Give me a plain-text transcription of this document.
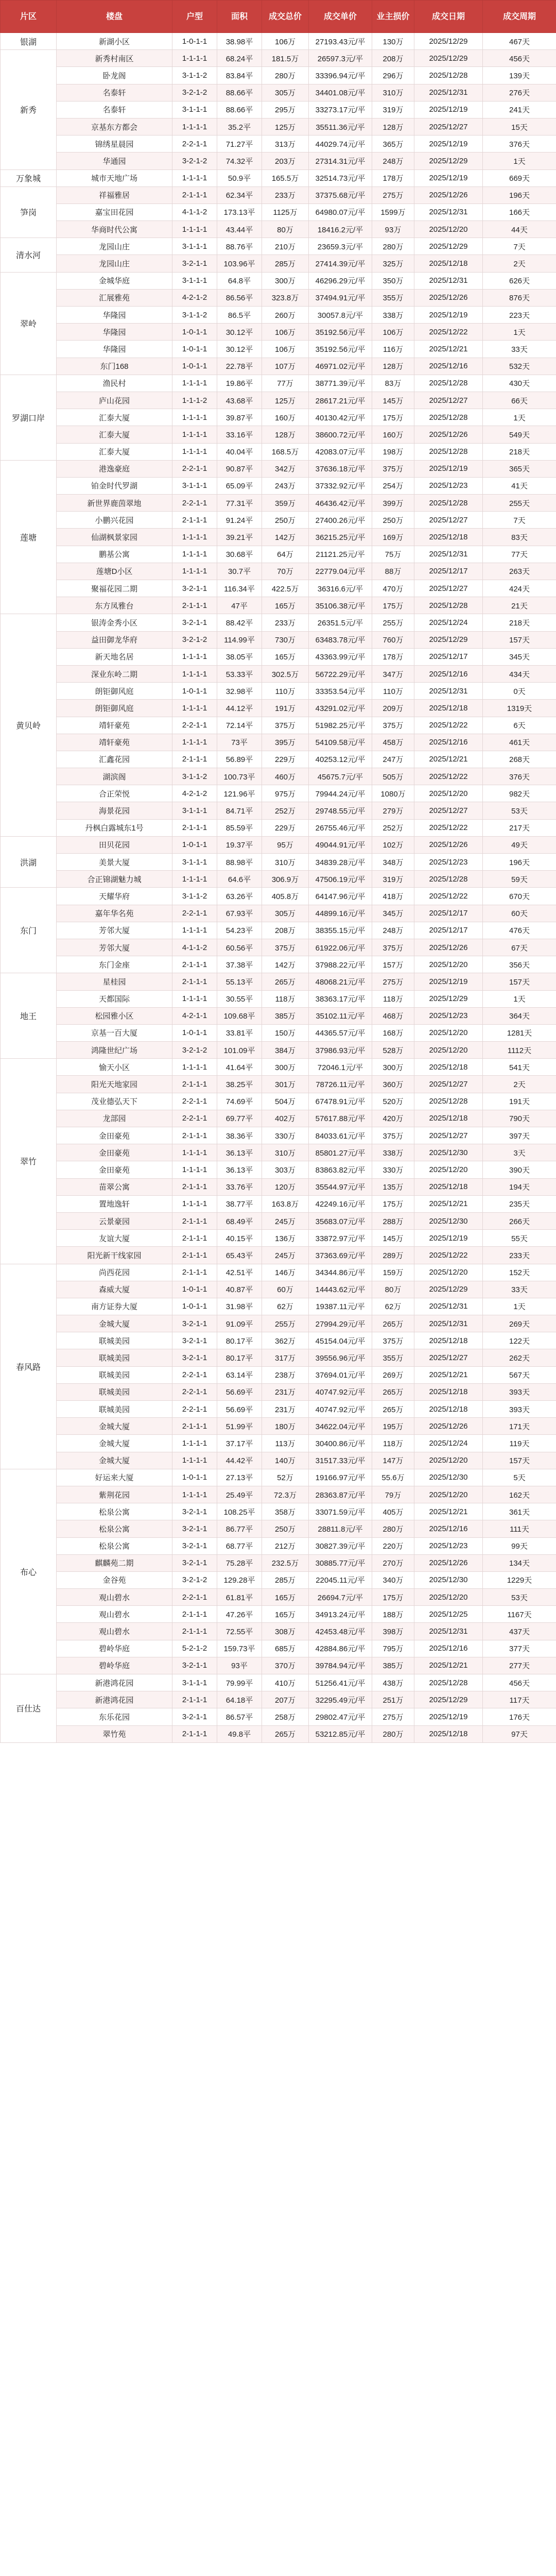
片区	楼盘	户型	面积	成交总价	成交单价	业主损价	成交日期	成交周期
银湖	新湖小区	1-0-1-1	38.98平	106万	27193.43元/平	130万	2025/12/29	467天
新秀	新秀村南区	1-1-1-1	68.24平	181.5万	26597.3元/平	208万	2025/12/29	456天
	卧龙阁	3-1-1-2	83.84平	280万	33396.94元/平	296万	2025/12/28	139天
	名泰轩	3-2-1-2	88.66平	305万	34401.08元/平	310万	2025/12/31	276天
	名泰轩	3-1-1-1	88.66平	295万	33273.17元/平	319万	2025/12/19	241天
	京基东方都会	1-1-1-1	35.2平	125万	35511.36元/平	128万	2025/12/27	15天
	锦绣星晨园	2-2-1-1	71.27平	313万	44029.74元/平	365万	2025/12/19	376天
	华通园	3-2-1-2	74.32平	203万	27314.31元/平	248万	2025/12/29	1天
万象城	城市天地广场	1-1-1-1	50.9平	165.5万	32514.73元/平	178万	2025/12/19	669天
笋岗	祥福雅居	2-1-1-1	62.34平	233万	37375.68元/平	275万	2025/12/26	196天
	嘉宝田花园	4-1-1-2	173.13平	1125万	64980.07元/平	1599万	2025/12/31	166天
	华商时代公寓	1-1-1-1	43.44平	80万	18416.2元/平	93万	2025/12/20	44天
清水河	龙园山庄	3-1-1-1	88.76平	210万	23659.3元/平	280万	2025/12/29	7天
	龙园山庄	3-2-1-1	103.96平	285万	27414.39元/平	325万	2025/12/18	2天
翠岭	金城华庭	3-1-1-1	64.8平	300万	46296.29元/平	350万	2025/12/31	626天
	汇展雅苑	4-2-1-2	86.56平	323.8万	37494.91元/平	355万	2025/12/26	876天
	华隆园	3-1-1-2	86.5平	260万	30057.8元/平	338万	2025/12/19	223天
	华隆园	1-0-1-1	30.12平	106万	35192.56元/平	106万	2025/12/22	1天
	华隆园	1-0-1-1	30.12平	106万	35192.56元/平	116万	2025/12/21	33天
	东门168	1-0-1-1	22.78平	107万	46971.02元/平	128万	2025/12/16	532天
罗湖口岸	渔民村	1-1-1-1	19.86平	77万	38771.39元/平	83万	2025/12/28	430天
	庐山花园	1-1-1-2	43.68平	125万	28617.21元/平	145万	2025/12/27	66天
	汇泰大厦	1-1-1-1	39.87平	160万	40130.42元/平	175万	2025/12/28	1天
	汇泰大厦	1-1-1-1	33.16平	128万	38600.72元/平	160万	2025/12/26	549天
	汇泰大厦	1-1-1-1	40.04平	168.5万	42083.07元/平	198万	2025/12/28	218天
莲塘	港逸豪庭	2-2-1-1	90.87平	342万	37636.18元/平	375万	2025/12/19	365天
	铂金时代罗湖	3-1-1-1	65.09平	243万	37332.92元/平	254万	2025/12/23	41天
	新世界鹿茵翠地	2-2-1-1	77.31平	359万	46436.42元/平	399万	2025/12/28	255天
	小鹏兴花园	2-1-1-1	91.24平	250万	27400.26元/平	250万	2025/12/27	7天
	仙湖枫景家园	1-1-1-1	39.21平	142万	36215.25元/平	169万	2025/12/18	83天
	鹏基公寓	1-1-1-1	30.68平	64万	21121.25元/平	75万	2025/12/31	77天
	莲塘D小区	1-1-1-1	30.7平	70万	22779.04元/平	88万	2025/12/17	263天
	聚福花园二期	3-2-1-1	116.34平	422.5万	36316.6元/平	470万	2025/12/27	424天
	东方凤雅台	2-1-1-1	47平	165万	35106.38元/平	175万	2025/12/28	21天
黄贝岭	银涛金秀小区	3-2-1-1	88.42平	233万	26351.5元/平	255万	2025/12/24	218天
	益田御龙华府	3-2-1-2	114.99平	730万	63483.78元/平	760万	2025/12/29	157天
	新天地名居	1-1-1-1	38.05平	165万	43363.99元/平	178万	2025/12/17	345天
	深业东岭二期	1-1-1-1	53.33平	302.5万	56722.29元/平	347万	2025/12/16	434天
	朗钜御风庭	1-0-1-1	32.98平	110万	33353.54元/平	110万	2025/12/31	0天
	朗钜御风庭	1-1-1-1	44.12平	191万	43291.02元/平	209万	2025/12/18	1319天
	靖轩豪苑	2-2-1-1	72.14平	375万	51982.25元/平	375万	2025/12/22	6天
	靖轩豪苑	1-1-1-1	73平	395万	54109.58元/平	458万	2025/12/16	461天
	汇鑫花园	2-1-1-1	56.89平	229万	40253.12元/平	247万	2025/12/21	268天
	湖滨阁	3-1-1-2	100.73平	460万	45675.7元/平	505万	2025/12/22	376天
	合正荣悦	4-2-1-2	121.96平	975万	79944.24元/平	1080万	2025/12/20	982天
	海景花园	3-1-1-1	84.71平	252万	29748.55元/平	279万	2025/12/27	53天
	丹枫白露城东1号	2-1-1-1	85.59平	229万	26755.46元/平	252万	2025/12/22	217天
洪湖	田贝花园	1-0-1-1	19.37平	95万	49044.91元/平	102万	2025/12/26	49天
	美景大厦	3-1-1-1	88.98平	310万	34839.28元/平	348万	2025/12/23	196天
	合正锦湖魅力城	1-1-1-1	64.6平	306.9万	47506.19元/平	319万	2025/12/28	59天
东门	天耀华府	3-1-1-2	63.26平	405.8万	64147.96元/平	418万	2025/12/22	670天
	嘉年华名苑	2-2-1-1	67.93平	305万	44899.16元/平	345万	2025/12/17	60天
	芳邻大厦	1-1-1-1	54.23平	208万	38355.15元/平	248万	2025/12/17	476天
	芳邻大厦	4-1-1-2	60.56平	375万	61922.06元/平	375万	2025/12/26	67天
	东门金座	2-1-1-1	37.38平	142万	37988.22元/平	157万	2025/12/20	356天
地王	星桂园	2-1-1-1	55.13平	265万	48068.21元/平	275万	2025/12/19	157天
	天都国际	1-1-1-1	30.55平	118万	38363.17元/平	118万	2025/12/29	1天
	松园雅小区	4-2-1-1	109.68平	385万	35102.11元/平	468万	2025/12/23	364天
	京基一百大厦	1-0-1-1	33.81平	150万	44365.57元/平	168万	2025/12/20	1281天
	鸿隆世纪广场	3-2-1-2	101.09平	384万	37986.93元/平	528万	2025/12/20	1112天
翠竹	愉天小区	1-1-1-1	41.64平	300万	72046.1元/平	300万	2025/12/18	541天
	阳光天地家园	2-1-1-1	38.25平	301万	78726.11元/平	360万	2025/12/27	2天
	茂业德弘天下	2-2-1-1	74.69平	504万	67478.91元/平	520万	2025/12/28	191天
	龙部园	2-2-1-1	69.77平	402万	57617.88元/平	420万	2025/12/18	790天
	金田豪苑	2-1-1-1	38.36平	330万	84033.61元/平	375万	2025/12/27	397天
	金田豪苑	1-1-1-1	36.13平	310万	85801.27元/平	338万	2025/12/30	3天
	金田豪苑	1-1-1-1	36.13平	303万	83863.82元/平	330万	2025/12/20	390天
	苗翠公寓	2-1-1-1	33.76平	120万	35544.97元/平	135万	2025/12/18	194天
	置地逸轩	1-1-1-1	38.77平	163.8万	42249.16元/平	175万	2025/12/21	235天
	云景豪园	2-1-1-1	68.49平	245万	35683.07元/平	288万	2025/12/30	266天
	友谊大厦	2-1-1-1	40.15平	136万	33872.97元/平	145万	2025/12/19	55天
	阳光新干线家园	2-1-1-1	65.43平	245万	37363.69元/平	289万	2025/12/22	233天
春风路	尚西花园	2-1-1-1	42.51平	146万	34344.86元/平	159万	2025/12/20	152天
	森威大厦	1-0-1-1	40.87平	60万	14443.62元/平	80万	2025/12/29	33天
	南方证券大厦	1-0-1-1	31.98平	62万	19387.11元/平	62万	2025/12/31	1天
	金城大厦	3-2-1-1	91.09平	255万	27994.29元/平	265万	2025/12/31	269天
	联城美园	3-2-1-1	80.17平	362万	45154.04元/平	375万	2025/12/18	122天
	联城美园	3-2-1-1	80.17平	317万	39556.96元/平	355万	2025/12/27	262天
	联城美园	2-2-1-1	63.14平	238万	37694.01元/平	269万	2025/12/21	567天
	联城美园	2-2-1-1	56.69平	231万	40747.92元/平	265万	2025/12/18	393天
	联城美园	2-2-1-1	56.69平	231万	40747.92元/平	265万	2025/12/18	393天
	金城大厦	2-1-1-1	51.99平	180万	34622.04元/平	195万	2025/12/26	171天
	金城大厦	1-1-1-1	37.17平	113万	30400.86元/平	118万	2025/12/24	119天
	金城大厦	1-1-1-1	44.42平	140万	31517.33元/平	147万	2025/12/20	157天
布心	好运来大厦	1-0-1-1	27.13平	52万	19166.97元/平	55.6万	2025/12/30	5天
	紫荆花园	1-1-1-1	25.49平	72.3万	28363.87元/平	79万	2025/12/20	162天
	松泉公寓	3-2-1-1	108.25平	358万	33071.59元/平	405万	2025/12/21	361天
	松泉公寓	3-2-1-1	86.77平	250万	28811.8元/平	280万	2025/12/16	111天
	松泉公寓	3-2-1-1	68.77平	212万	30827.39元/平	220万	2025/12/23	99天
	麒麟苑二期	3-2-1-1	75.28平	232.5万	30885.77元/平	270万	2025/12/26	134天
	金谷苑	3-2-1-2	129.28平	285万	22045.11元/平	340万	2025/12/30	1229天
	观山碧水	2-2-1-1	61.81平	165万	26694.7元/平	175万	2025/12/20	53天
	观山碧水	2-1-1-1	47.26平	165万	34913.24元/平	188万	2025/12/25	1167天
	观山碧水	2-1-1-1	72.55平	308万	42453.48元/平	398万	2025/12/31	437天
	碧岭华庭	5-2-1-2	159.73平	685万	42884.86元/平	795万	2025/12/16	377天
	碧岭华庭	3-2-1-1	93平	370万	39784.94元/平	385万	2025/12/21	277天
百仕达	新港鸿花园	3-1-1-1	79.99平	410万	51256.41元/平	438万	2025/12/28	456天
	新港鸿花园	2-1-1-1	64.18平	207万	32295.49元/平	251万	2025/12/29	117天
	东乐花园	3-2-1-1	86.57平	258万	29802.47元/平	275万	2025/12/19	176天
	翠竹苑	2-1-1-1	49.8平	265万	53212.85元/平	280万	2025/12/18	97天
